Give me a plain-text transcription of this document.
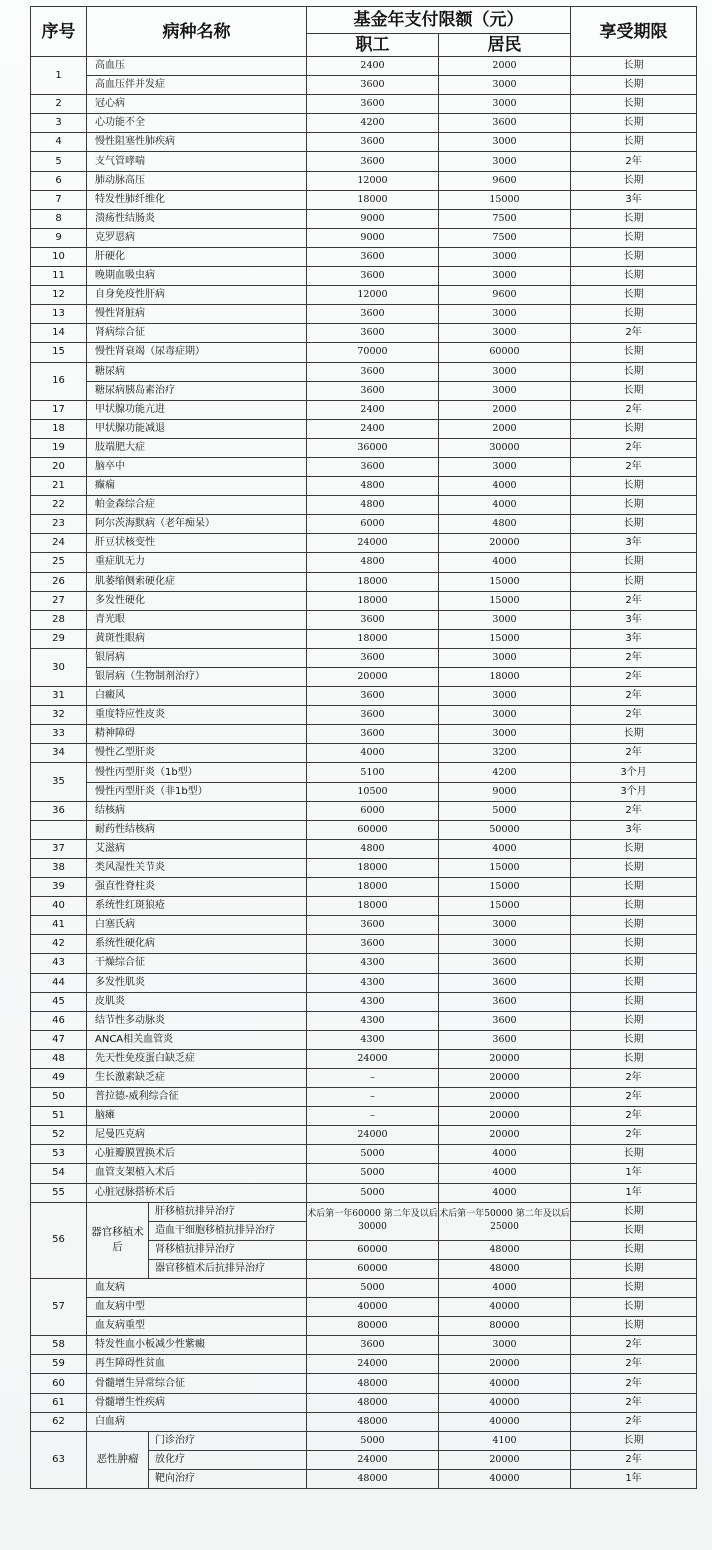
序号	病种名称		基金年支付限额（元）		享受期限
			职工	居民	
1	高血压		2400	2000	长期
	高血压伴并发症		3600	3000	长期
2	冠心病		3600	3000	长期
3	心功能不全		4200	3600	长期
4	慢性阻塞性肺疾病		3600	3000	长期
5	支气管哮喘		3600	3000	2年
6	肺动脉高压		12000	9600	长期
7	特发性肺纤维化		18000	15000	3年
8	溃疡性结肠炎		9000	7500	长期
9	克罗恩病		9000	7500	长期
10	肝硬化		3600	3000	长期
11	晚期血吸虫病		3600	3000	长期
12	自身免疫性肝病		12000	9600	长期
13	慢性肾脏病		3600	3000	长期
14	肾病综合征		3600	3000	2年
15	慢性肾衰竭（尿毒症期）		70000	60000	长期
16	糖尿病		3600	3000	长期
	糖尿病胰岛素治疗		3600	3000	长期
17	甲状腺功能亢进		2400	2000	2年
18	甲状腺功能减退		2400	2000	长期
19	肢端肥大症		36000	30000	2年
20	脑卒中		3600	3000	2年
21	癫痫		4800	4000	长期
22	帕金森综合症		4800	4000	长期
23	阿尔茨海默病（老年痴呆）		6000	4800	长期
24	肝豆状核变性		24000	20000	3年
25	重症肌无力		4800	4000	长期
26	肌萎缩侧索硬化症		18000	15000	长期
27	多发性硬化		18000	15000	2年
28	青光眼		3600	3000	3年
29	黄斑性眼病		18000	15000	3年
30	银屑病		3600	3000	2年
	银屑病（生物制剂治疗）		20000	18000	2年
31	白癜风		3600	3000	2年
32	重度特应性皮炎		3600	3000	2年
33	精神障碍		3600	3000	长期
34	慢性乙型肝炎		4000	3200	2年
35	慢性丙型肝炎（1b型）		5100	4200	3个月
	慢性丙型肝炎（非1b型）		10500	9000	3个月
36	结核病		6000	5000	2年
	耐药性结核病		60000	50000	3年
37	艾滋病		4800	4000	长期
38	类风湿性关节炎		18000	15000	长期
39	强直性脊柱炎		18000	15000	长期
40	系统性红斑狼疮		18000	15000	长期
41	白塞氏病		3600	3000	长期
42	系统性硬化病		3600	3000	长期
43	干燥综合征		4300	3600	长期
44	多发性肌炎		4300	3600	长期
45	皮肌炎		4300	3600	长期
46	结节性多动脉炎		4300	3600	长期
47	ANCA相关血管炎		4300	3600	长期
48	先天性免疫蛋白缺乏症		24000	20000	长期
49	生长激素缺乏症		–	20000	2年
50	普拉德-威利综合征		–	20000	2年
51	脑瘫		–	20000	2年
52	尼曼匹克病		24000	20000	2年
53	心脏瓣膜置换术后		5000	4000	长期
54	血管支架植入术后		5000	4000	1年
55	心脏冠脉搭桥术后		5000	4000	1年
56	器官移植术后	肝移植抗排异治疗	术后第一年60000 第二年及以后30000	术后第一年50000 第二年及以后25000	长期
		造血干细胞移植抗排异治疗			长期
		肾移植抗排异治疗	60000	48000	长期
		器官移植术后抗排异治疗	60000	48000	长期
57	血友病		5000	4000	长期
	血友病中型		40000	40000	长期
	血友病重型		80000	80000	长期
58	特发性血小板减少性紫癜		3600	3000	2年
59	再生障碍性贫血		24000	20000	2年
60	骨髓增生异常综合征		48000	40000	2年
61	骨髓增生性疾病		48000	40000	2年
62	白血病		48000	40000	2年
63	恶性肿瘤	门诊治疗	5000	4100	长期
		放化疗	24000	20000	2年
		靶向治疗	48000	40000	1年
